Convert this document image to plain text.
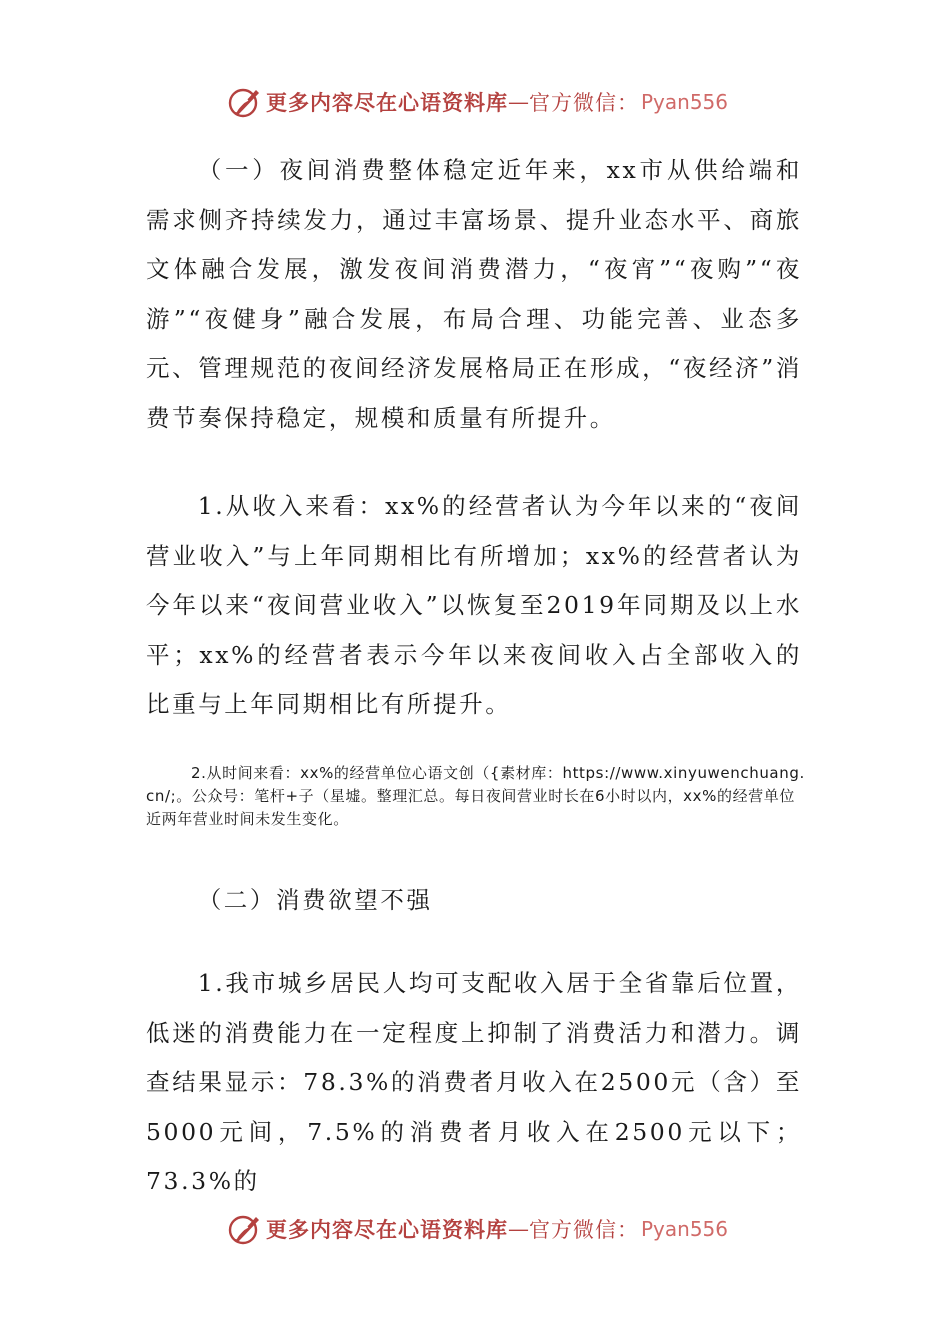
更多内容尽在心语资料库 — 官方微信： Pyan556

（一）夜间消费整体稳定近年来，xx市从供给端和需求侧齐持续发力，通过丰富场景、提升业态水平、商旅文体融合发展，激发夜间消费潜力，“夜宵”“夜购”“夜游”“夜健身”融合发展，布局合理、功能完善、业态多元、管理规范的夜间经济发展格局正在形成，“夜经济”消费节奏保持稳定，规模和质量有所提升。

1.从收入来看：xx%的经营者认为今年以来的“夜间营业收入”与上年同期相比有所增加；xx%的经营者认为今年以来“夜间营业收入”以恢复至2019年同期及以上水平；xx%的经营者表示今年以来夜间收入占全部收入的比重与上年同期相比有所提升。

2.从时间来看：xx%的经营单位心语文创（{素材库：https://www.xinyuwenchuang.cn/;。公众号：笔杆+子（星墟。整理汇总。每日夜间营业时长在6小时以内，xx%的经营单位近两年营业时间未发生变化。

（二）消费欲望不强

1.我市城乡居民人均可支配收入居于全省靠后位置，低迷的消费能力在一定程度上抑制了消费活力和潜力。调查结果显示：78.3%的消费者月收入在2500元（含）至5000元间，7.5%的消费者月收入在2500元以下；73.3%的

更多内容尽在心语资料库 — 官方微信： Pyan556
